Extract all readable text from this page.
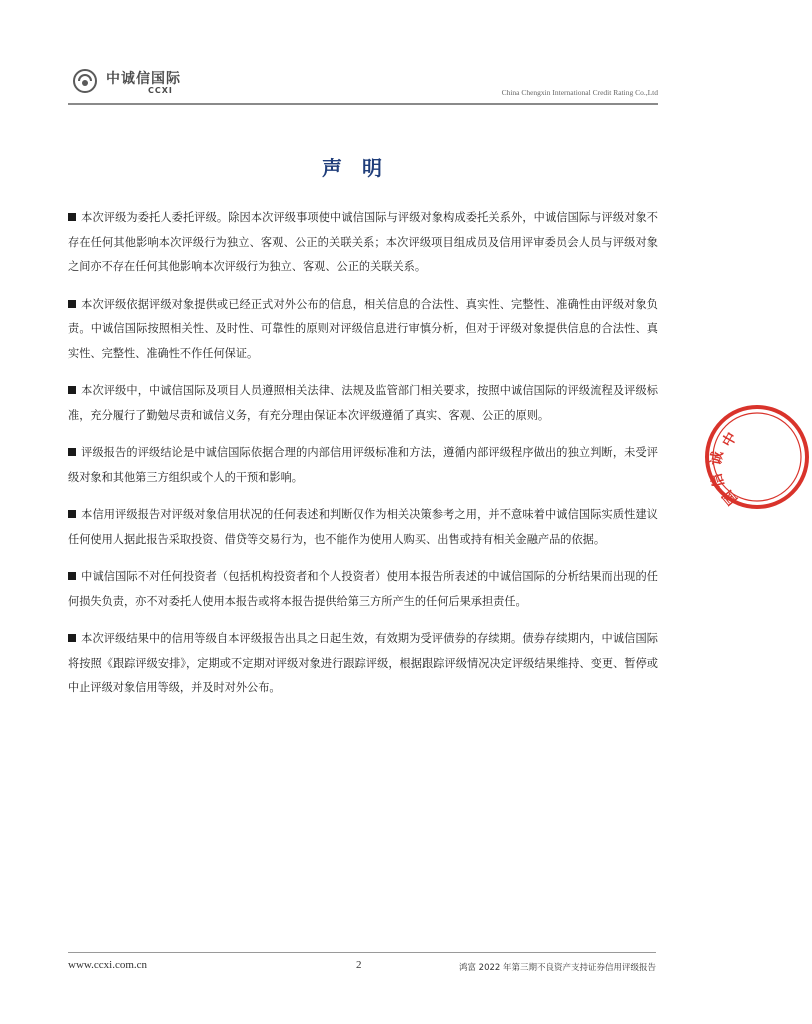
中诚信国际
CCXI	China Chengxin International Credit Rating Co.,Ltd
声明

本次评级为委托人委托评级。除因本次评级事项使中诚信国际与评级对象构成委托关系外，中诚信国际与评级对象不存在任何其他影响本次评级行为独立、客观、公正的关联关系；本次评级项目组成员及信用评审委员会人员与评级对象之间亦不存在任何其他影响本次评级行为独立、客观、公正的关联关系。

本次评级依据评级对象提供或已经正式对外公布的信息，相关信息的合法性、真实性、完整性、准确性由评级对象负责。中诚信国际按照相关性、及时性、可靠性的原则对评级信息进行审慎分析，但对于评级对象提供信息的合法性、真实性、完整性、准确性不作任何保证。

本次评级中，中诚信国际及项目人员遵照相关法律、法规及监管部门相关要求，按照中诚信国际的评级流程及评级标准，充分履行了勤勉尽责和诚信义务，有充分理由保证本次评级遵循了真实、客观、公正的原则。

评级报告的评级结论是中诚信国际依据合理的内部信用评级标准和方法，遵循内部评级程序做出的独立判断，未受评级对象和其他第三方组织或个人的干预和影响。

本信用评级报告对评级对象信用状况的任何表述和判断仅作为相关决策参考之用，并不意味着中诚信国际实质性建议任何使用人据此报告采取投资、借贷等交易行为，也不能作为使用人购买、出售或持有相关金融产品的依据。

中诚信国际不对任何投资者（包括机构投资者和个人投资者）使用本报告所表述的中诚信国际的分析结果而出现的任何损失负责，亦不对委托人使用本报告或将本报告提供给第三方所产生的任何后果承担责任。

本次评级结果中的信用等级自本评级报告出具之日起生效，有效期为受评债券的存续期。债券存续期内，中诚信国际将按照《跟踪评级安排》，定期或不定期对评级对象进行跟踪评级，根据跟踪评级情况决定评级结果维持、变更、暂停或中止评级对象信用等级，并及时对外公布。

中
诚
信
国
www.ccxi.com.cn	2	鸿富 2022 年第三期不良资产支持证券信用评级报告
